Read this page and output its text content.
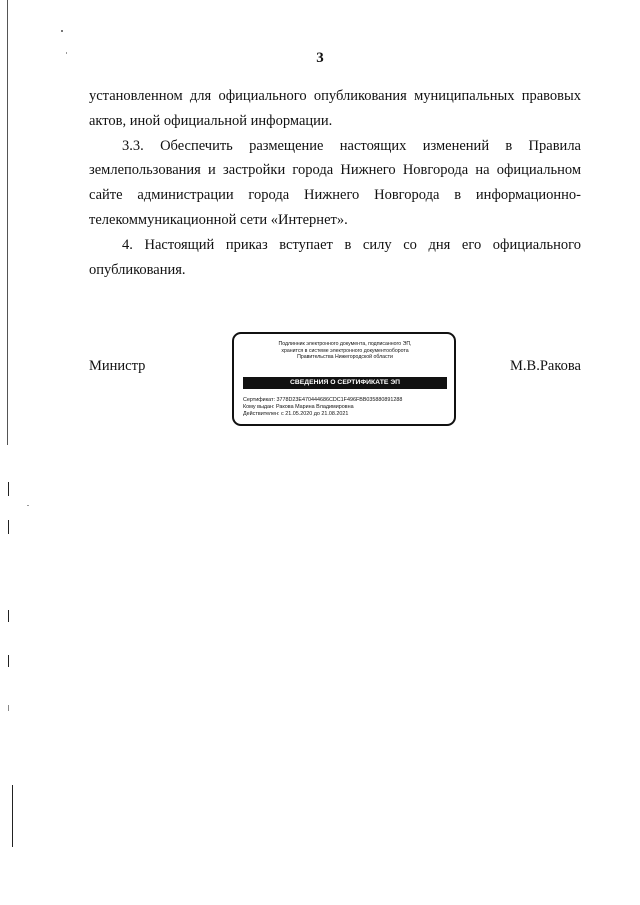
3

установленном для официального опубликования муниципальных правовых актов, иной официальной информации.

3.3. Обеспечить размещение настоящих изменений в Правила землепользования и застройки города Нижнего Новгорода на официальном сайте администрации города Нижнего Новгорода в информационно-телекоммуникационной сети «Интернет».

4. Настоящий приказ вступает в силу со дня его официального опубликования.

Министр
Подлинник электронного документа, подписанного ЭП,
хранится в системе электронного документооборота
Правительства Нижегородской области
СВЕДЕНИЯ О СЕРТИФИКАТЕ ЭП
Сертификат: 3778D23E470444686CDC1F496FBB035880891288
Кому выдан: Ракова Марина Владимировна
Действителен: с 21.05.2020 до 21.08.2021
М.В.Ракова
